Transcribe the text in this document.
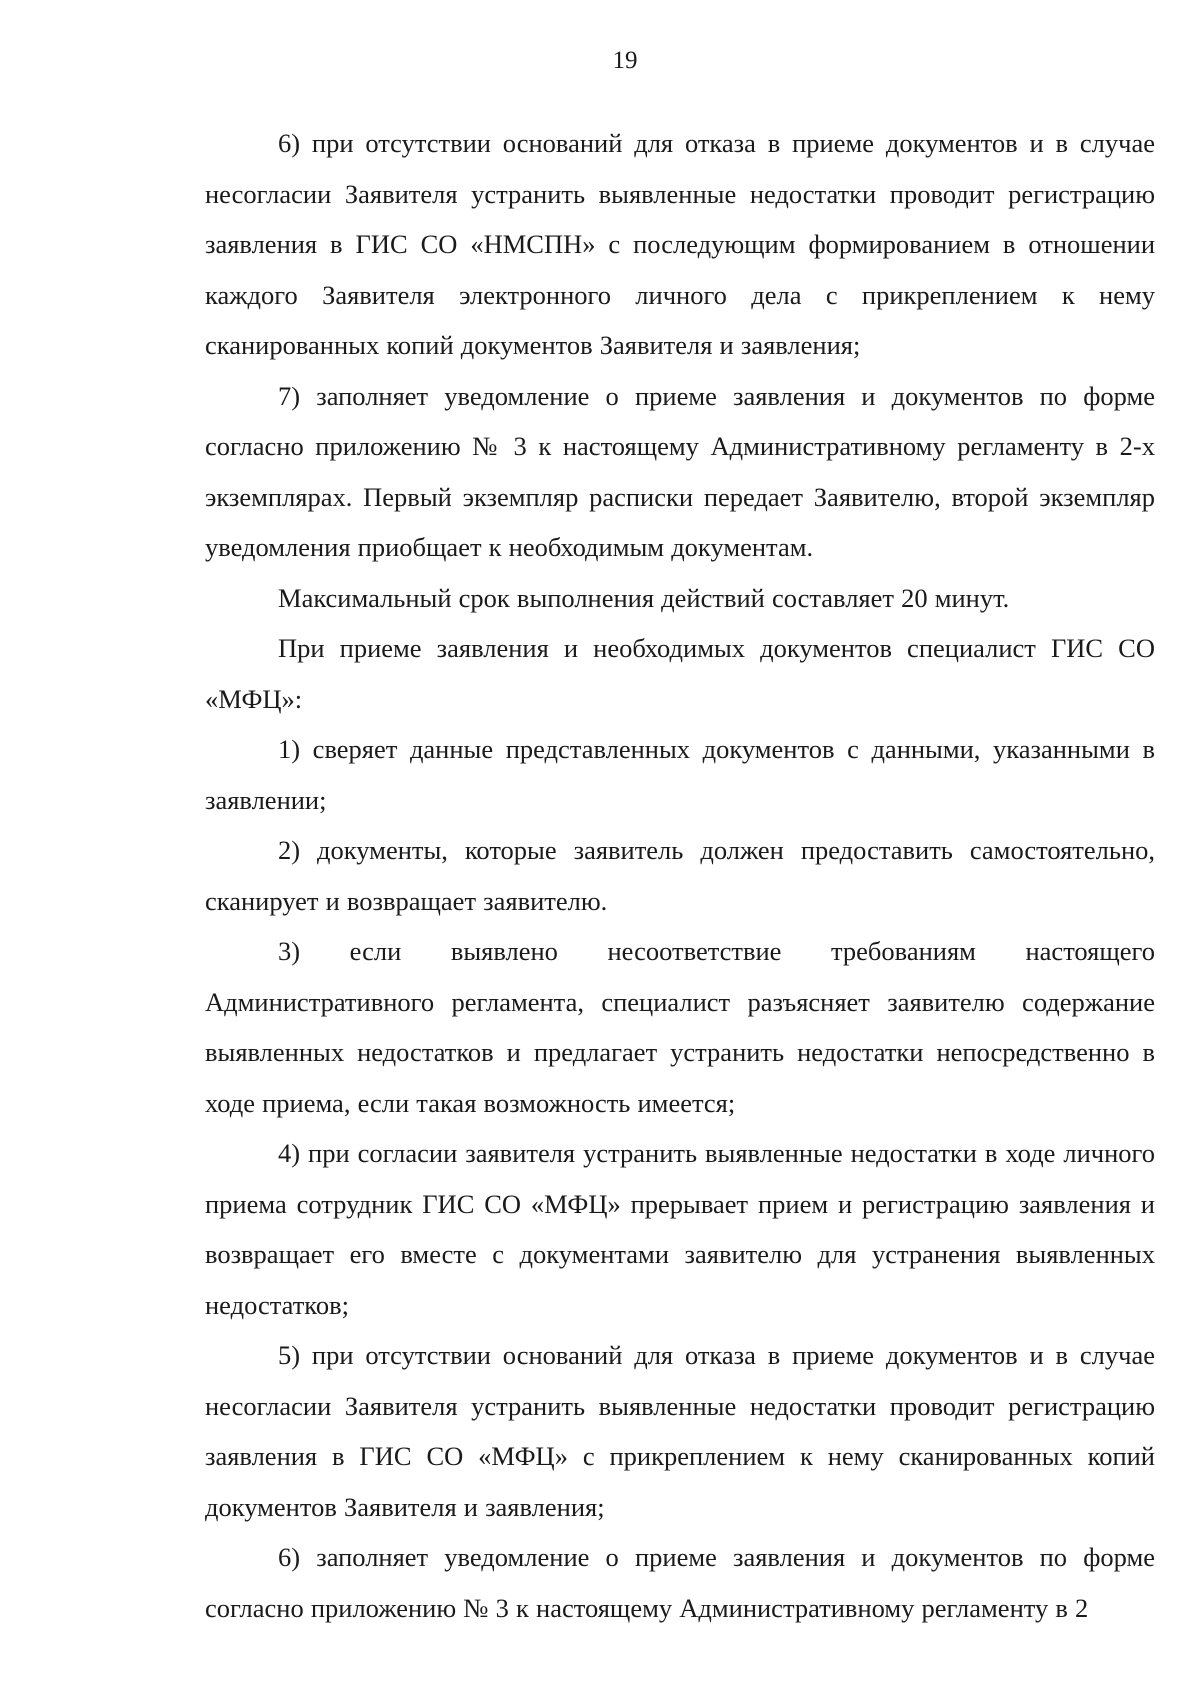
19

6) при отсутствии оснований для отказа в приеме документов и в случае несогласии Заявителя устранить выявленные недостатки проводит регистрацию заявления в ГИС СО «НМСПН» с последующим формированием в отношении каждого Заявителя электронного личного дела с прикреплением к нему сканированных копий документов Заявителя и заявления;

7) заполняет уведомление о приеме заявления и документов по форме согласно приложению № 3 к настоящему Административному регламенту в 2-х экземплярах. Первый экземпляр расписки передает Заявителю, второй экземпляр уведомления приобщает к необходимым документам.

Максимальный срок выполнения действий составляет 20 минут.

При приеме заявления и необходимых документов специалист ГИС СО «МФЦ»:

1) сверяет данные представленных документов с данными, указанными в заявлении;

2) документы, которые заявитель должен предоставить самостоятельно, сканирует и возвращает заявителю.

3) если выявлено несоответствие требованиям настоящего Административного регламента, специалист разъясняет заявителю содержание выявленных недостатков и предлагает устранить недостатки непосредственно в ходе приема, если такая возможность имеется;

4) при согласии заявителя устранить выявленные недостатки в ходе личного приема сотрудник ГИС СО «МФЦ» прерывает прием и регистрацию заявления и возвращает его вместе с документами заявителю для устранения выявленных недостатков;

5) при отсутствии оснований для отказа в приеме документов и в случае несогласии Заявителя устранить выявленные недостатки проводит регистрацию заявления в ГИС СО «МФЦ» с прикреплением к нему сканированных копий документов Заявителя и заявления;

6) заполняет уведомление о приеме заявления и документов по форме согласно приложению № 3 к настоящему Административному регламенту в 2
